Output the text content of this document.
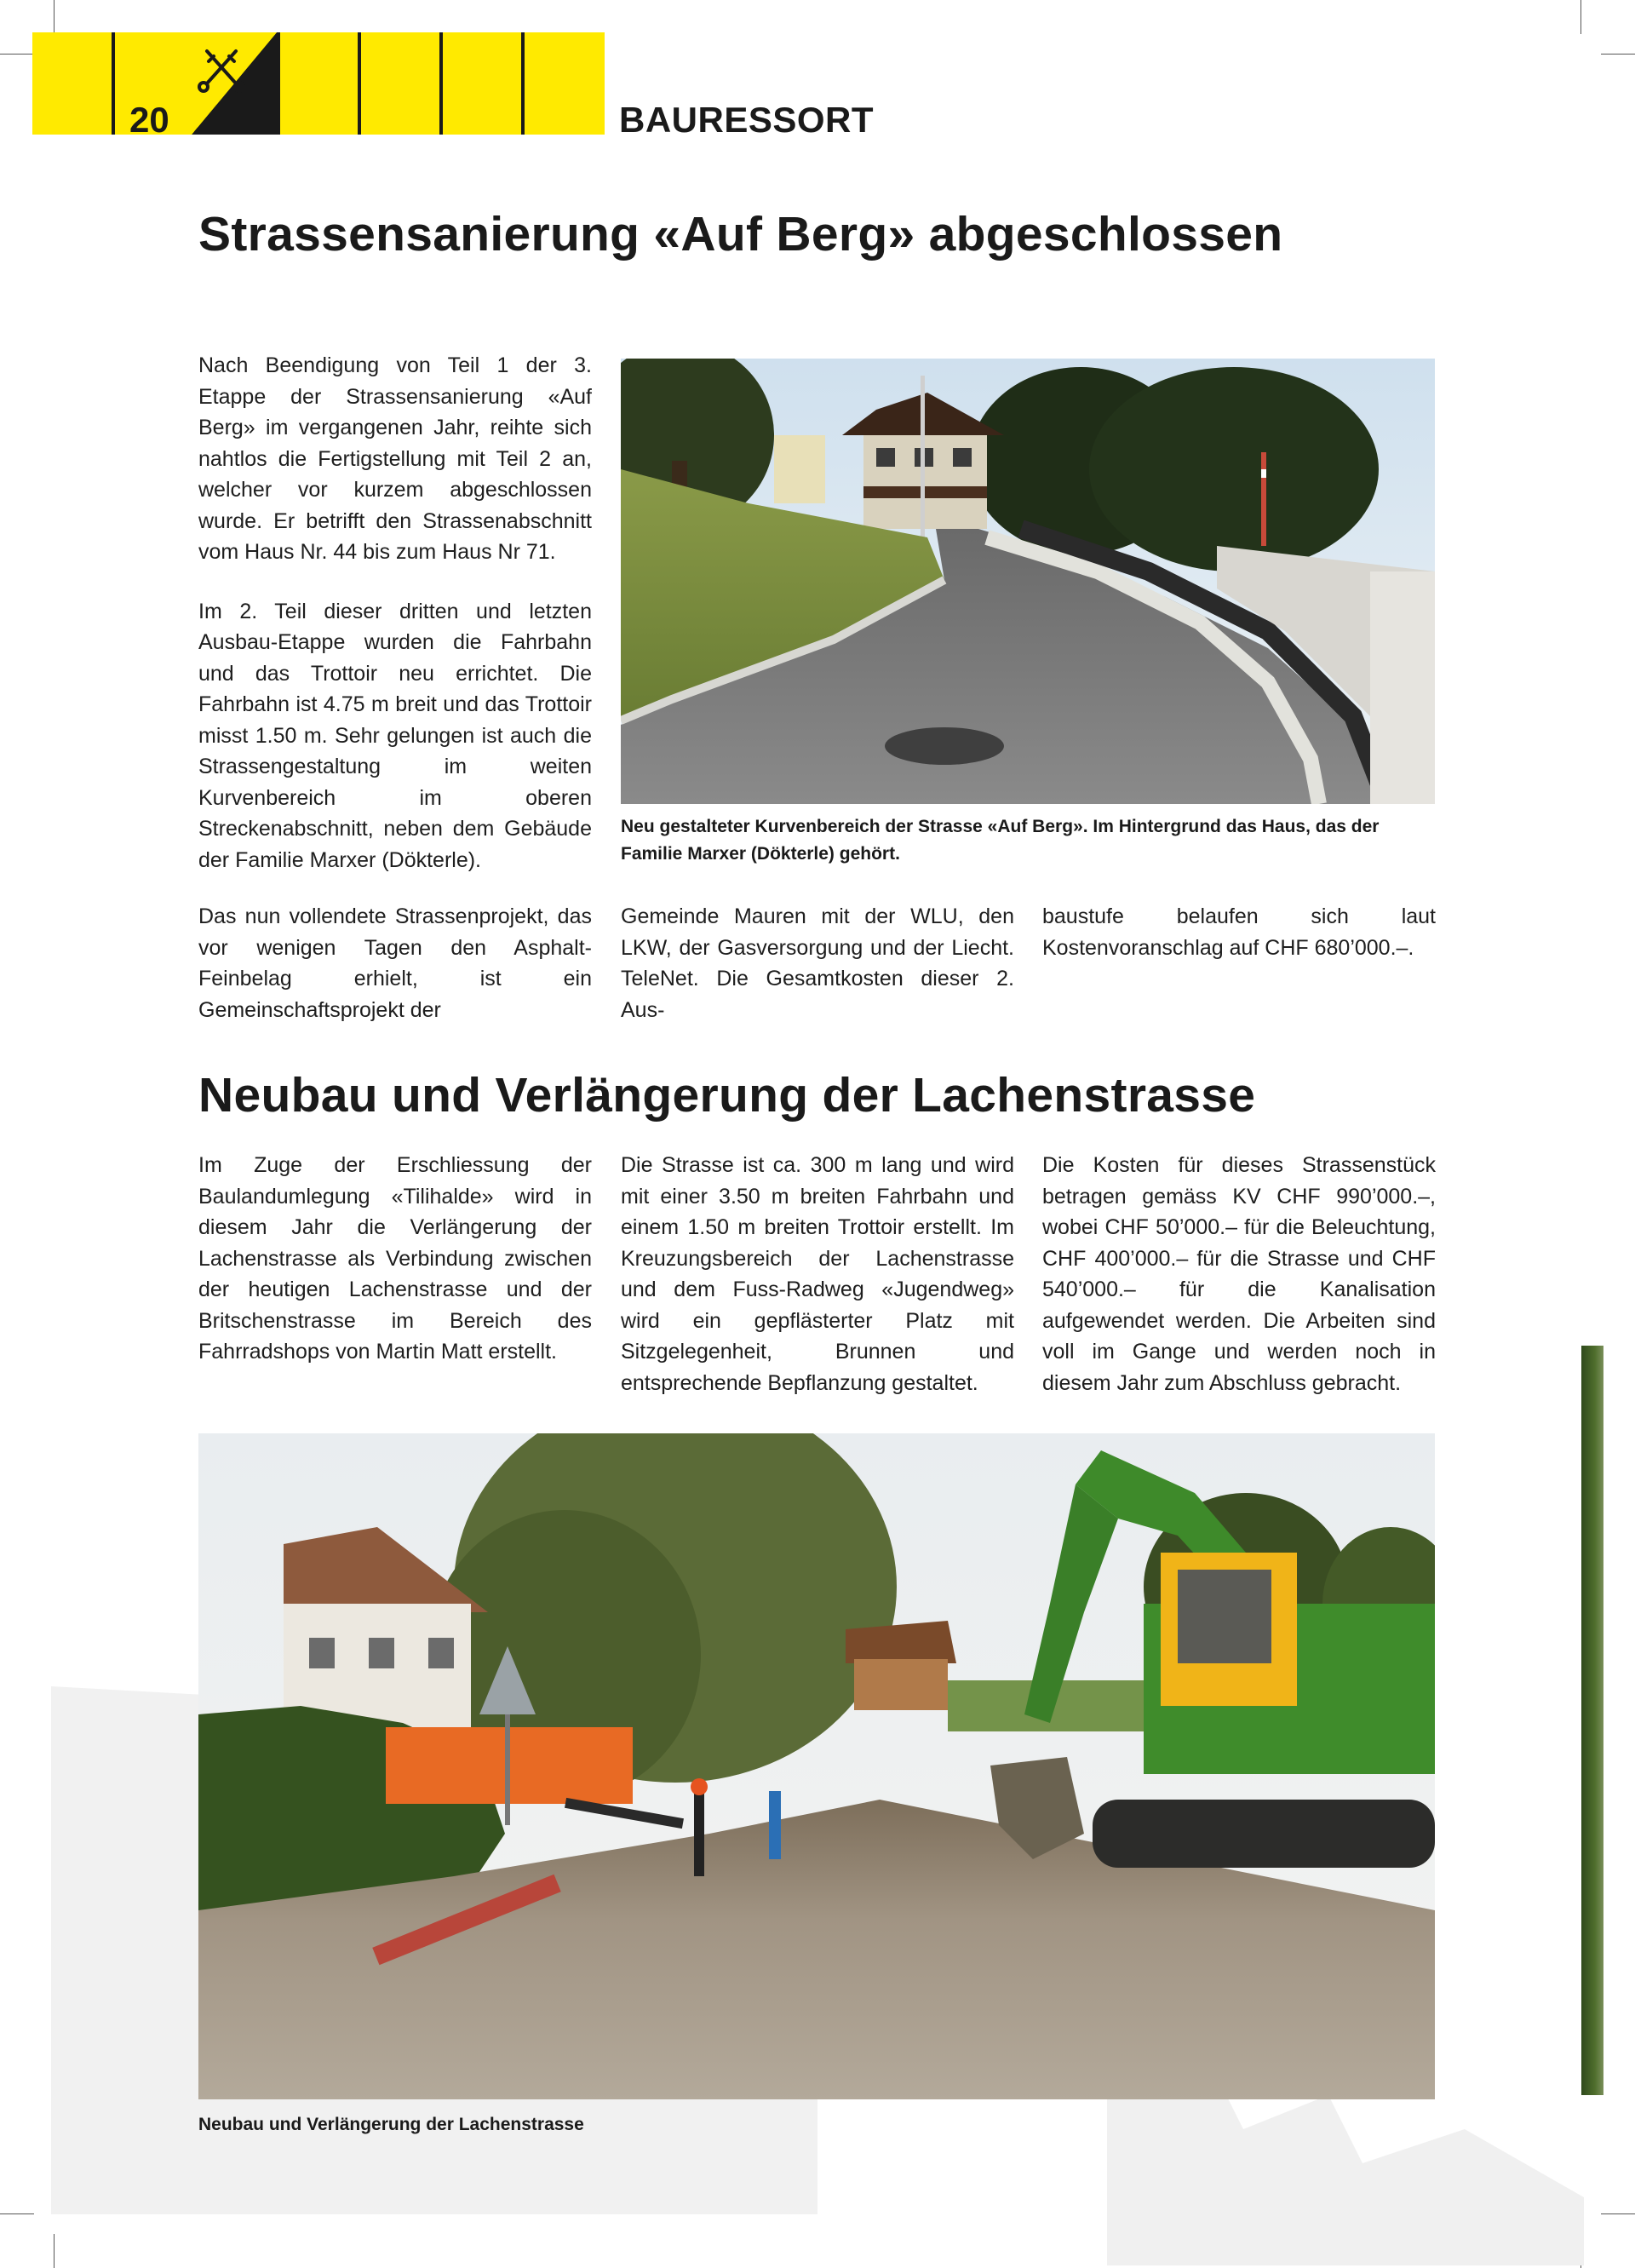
20	BAURESSORT
Strassensanierung «Auf Berg» abgeschlossen

Nach Beendigung von Teil 1 der 3. Etappe der Strassensanierung «Auf Berg» im vergangenen Jahr, reihte sich nahtlos die Fertigstellung mit Teil 2 an, welcher vor kurzem abgeschlossen wurde. Er betrifft den Strassenabschnitt vom Haus Nr. 44 bis zum Haus Nr 71.

Im 2. Teil dieser dritten und letzten Ausbau-Etappe wurden die Fahrbahn und das Trottoir neu errichtet. Die Fahrbahn ist 4.75 m breit und das Trottoir misst 1.50 m. Sehr gelungen ist auch die Strassengestaltung im weiten Kurvenbereich im oberen Streckenabschnitt, neben dem Gebäude der Familie Marxer (Dökterle).

Neu gestalteter Kurvenbereich der Strasse «Auf Berg». Im Hintergrund das Haus, das der Familie Marxer (Dökterle) gehört.
Das nun vollendete Strassenprojekt, das vor wenigen Tagen den Asphalt-Feinbelag erhielt, ist ein Gemeinschaftsprojekt der
Gemeinde Mauren mit der WLU, den LKW, der Gasversorgung und der Liecht. TeleNet. Die Gesamtkosten dieser 2. Aus-
baustufe belaufen sich laut Kostenvoranschlag auf CHF 680’000.–.
Neubau und Verlängerung der Lachenstrasse
Im Zuge der Erschliessung der Baulandumlegung «Tilihalde» wird in diesem Jahr die Verlängerung der Lachenstrasse als Verbindung zwischen der heutigen Lachenstrasse und der Britschenstrasse im Bereich des Fahrradshops von Martin Matt erstellt.
Die Strasse ist ca. 300 m lang und wird mit einer 3.50 m breiten Fahrbahn und einem 1.50 m breiten Trottoir erstellt. Im Kreuzungsbereich der Lachenstrasse und dem Fuss-Radweg «Jugendweg» wird ein gepflästerter Platz mit Sitzgelegenheit, Brunnen und entsprechende Bepflanzung gestaltet.
Die Kosten für dieses Strassenstück betragen gemäss KV CHF 990’000.–, wobei CHF 50’000.– für die Beleuchtung, CHF 400’000.– für die Strasse und CHF 540’000.– für die Kanalisation aufgewendet werden. Die Arbeiten sind voll im Gange und werden noch in diesem Jahr zum Abschluss gebracht.
Neubau und Verlängerung der Lachenstrasse
